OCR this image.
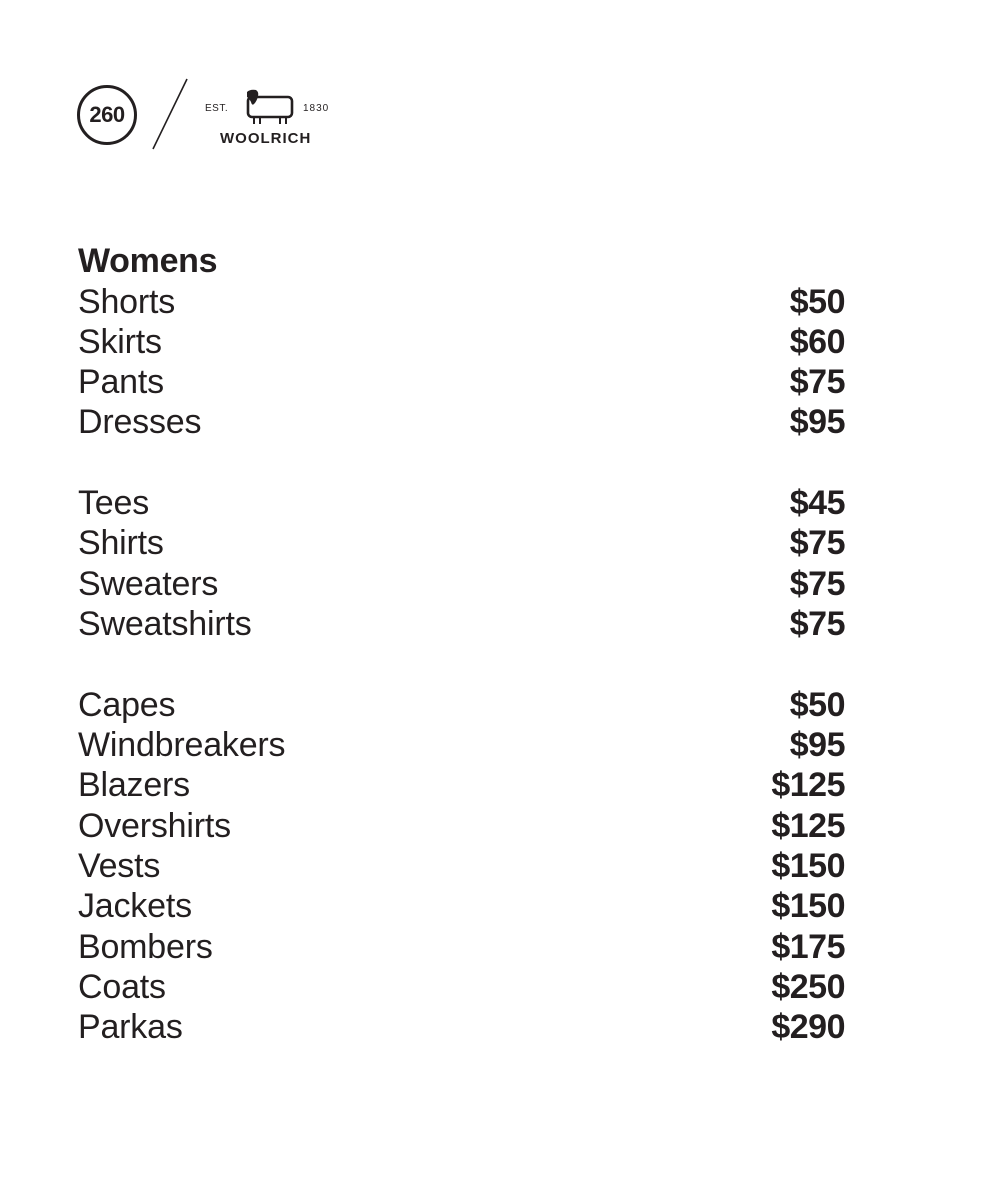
260	EST.	1830
WOOLRICH
Womens
Shorts	$50
Skirts	$60
Pants	$75
Dresses	$95
Tees	$45
Shirts	$75
Sweaters	$75
Sweatshirts	$75
Capes	$50
Windbreakers	$95
Blazers	$125
Overshirts	$125
Vests	$150
Jackets	$150
Bombers	$175
Coats	$250
Parkas	$290
